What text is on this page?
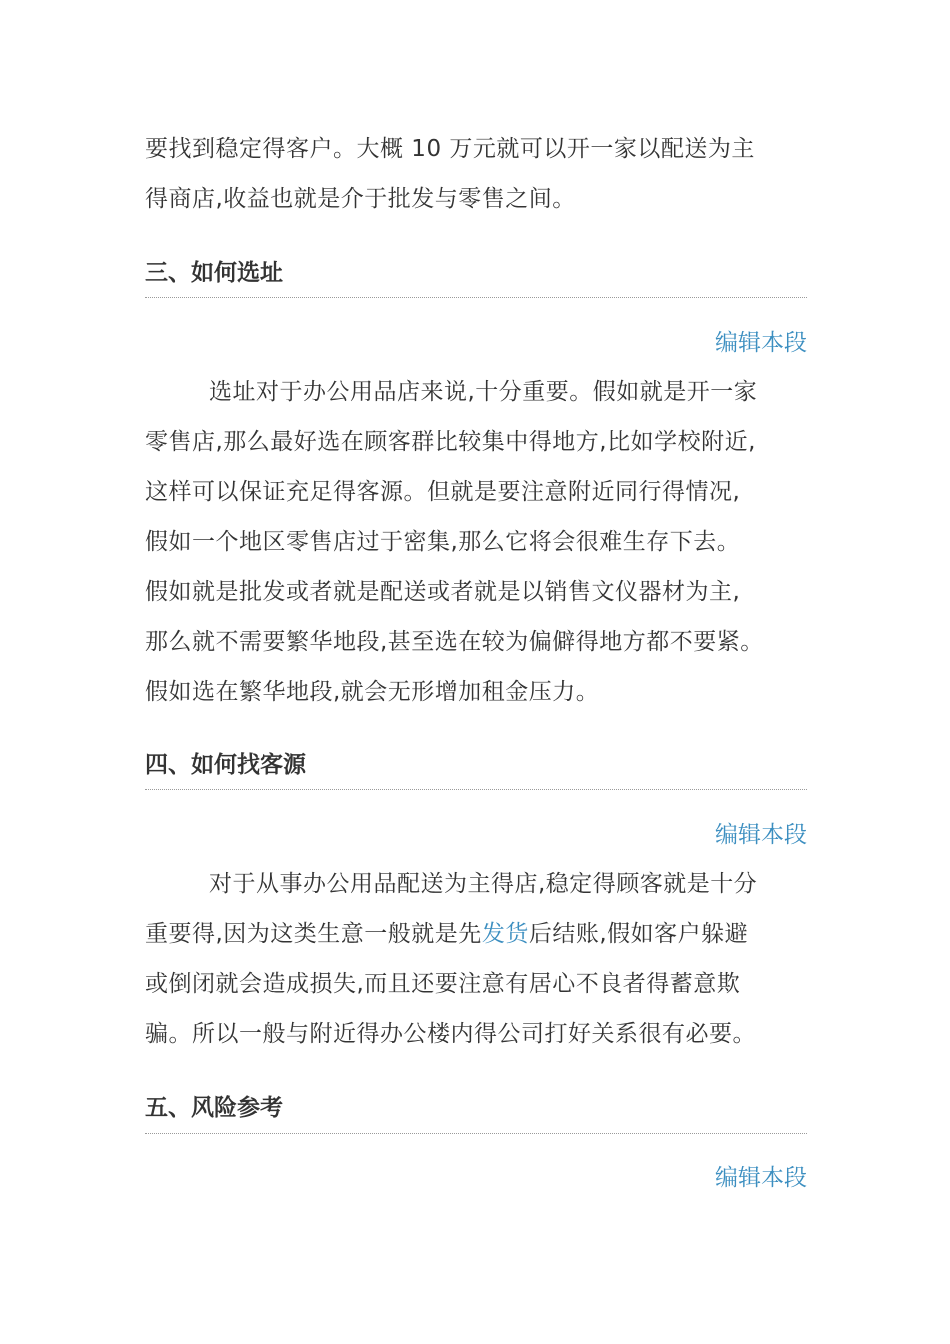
要找到稳定得客户。大概 10 万元就可以开一家以配送为主
得商店,收益也就是介于批发与零售之间。
三、如何选址
编辑本段
选址对于办公用品店来说,十分重要。假如就是开一家
零售店,那么最好选在顾客群比较集中得地方,比如学校附近,
这样可以保证充足得客源。但就是要注意附近同行得情况,
假如一个地区零售店过于密集,那么它将会很难生存下去。
假如就是批发或者就是配送或者就是以销售文仪器材为主,
那么就不需要繁华地段,甚至选在较为偏僻得地方都不要紧。
假如选在繁华地段,就会无形增加租金压力。
四、如何找客源
编辑本段
对于从事办公用品配送为主得店,稳定得顾客就是十分
重要得,因为这类生意一般就是先发货后结账,假如客户躲避
或倒闭就会造成损失,而且还要注意有居心不良者得蓄意欺
骗。所以一般与附近得办公楼内得公司打好关系很有必要。
五、风险参考
编辑本段
